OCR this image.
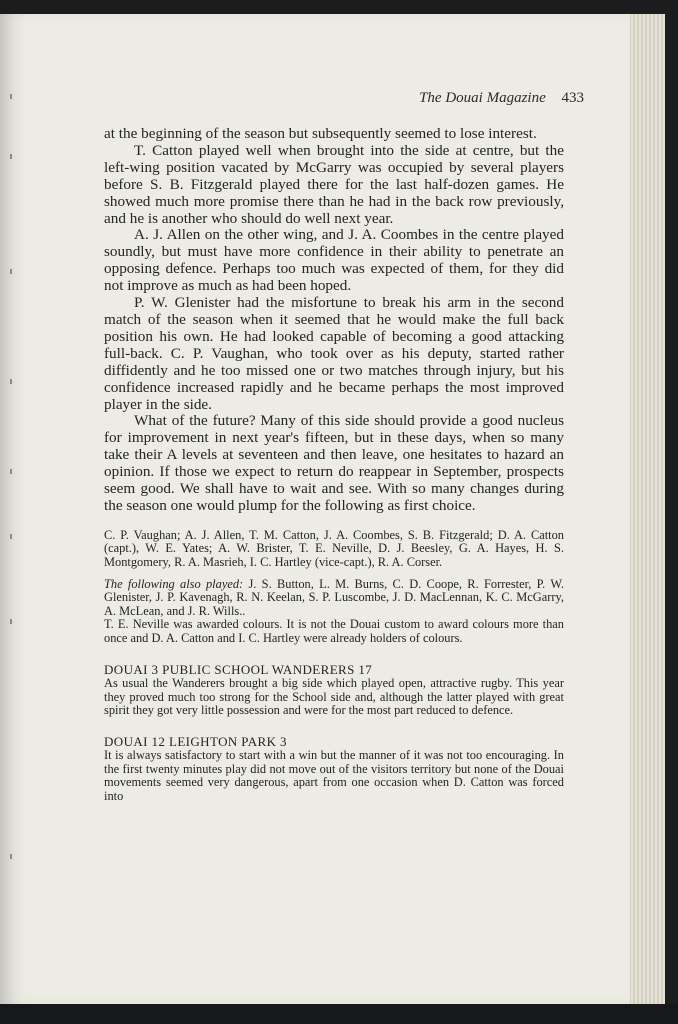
The Douai Magazine 433

at the beginning of the season but subsequently seemed to lose interest.

T. Catton played well when brought into the side at centre, but the left-wing position vacated by McGarry was occupied by several players before S. B. Fitzgerald played there for the last half-dozen games. He showed much more promise there than he had in the back row previously, and he is another who should do well next year.

A. J. Allen on the other wing, and J. A. Coombes in the centre played soundly, but must have more confidence in their ability to penetrate an opposing defence. Perhaps too much was expected of them, for they did not improve as much as had been hoped.

P. W. Glenister had the misfortune to break his arm in the second match of the season when it seemed that he would make the full back position his own. He had looked capable of becoming a good attacking full-back. C. P. Vaughan, who took over as his deputy, started rather diffidently and he too missed one or two matches through injury, but his confidence increased rapidly and he became perhaps the most improved player in the side.

What of the future? Many of this side should provide a good nucleus for improvement in next year's fifteen, but in these days, when so many take their A levels at seventeen and then leave, one hesitates to hazard an opinion. If those we expect to return do reappear in September, prospects seem good. We shall have to wait and see. With so many changes during the season one would plump for the following as first choice.

C. P. Vaughan; A. J. Allen, T. M. Catton, J. A. Coombes, S. B. Fitzgerald; D. A. Catton (capt.), W. E. Yates; A. W. Brister, T. E. Neville, D. J. Beesley, G. A. Hayes, H. S. Montgomery, R. A. Masrieh, I. C. Hartley (vice-capt.), R. A. Corser.

The following also played: J. S. Button, L. M. Burns, C. D. Coope, R. Forrester, P. W. Glenister, J. P. Kavenagh, R. N. Keelan, S. P. Luscombe, J. D. MacLennan, K. C. McGarry, A. McLean, and J. R. Wills..

T. E. Neville was awarded colours. It is not the Douai custom to award colours more than once and D. A. Catton and I. C. Hartley were already holders of colours.

DOUAI 3 PUBLIC SCHOOL WANDERERS 17

As usual the Wanderers brought a big side which played open, attractive rugby. This year they proved much too strong for the School side and, although the latter played with great spirit they got very little possession and were for the most part reduced to defence.

DOUAI 12 LEIGHTON PARK 3

It is always satisfactory to start with a win but the manner of it was not too encouraging. In the first twenty minutes play did not move out of the visitors territory but none of the Douai movements seemed very dangerous, apart from one occasion when D. Catton was forced into
